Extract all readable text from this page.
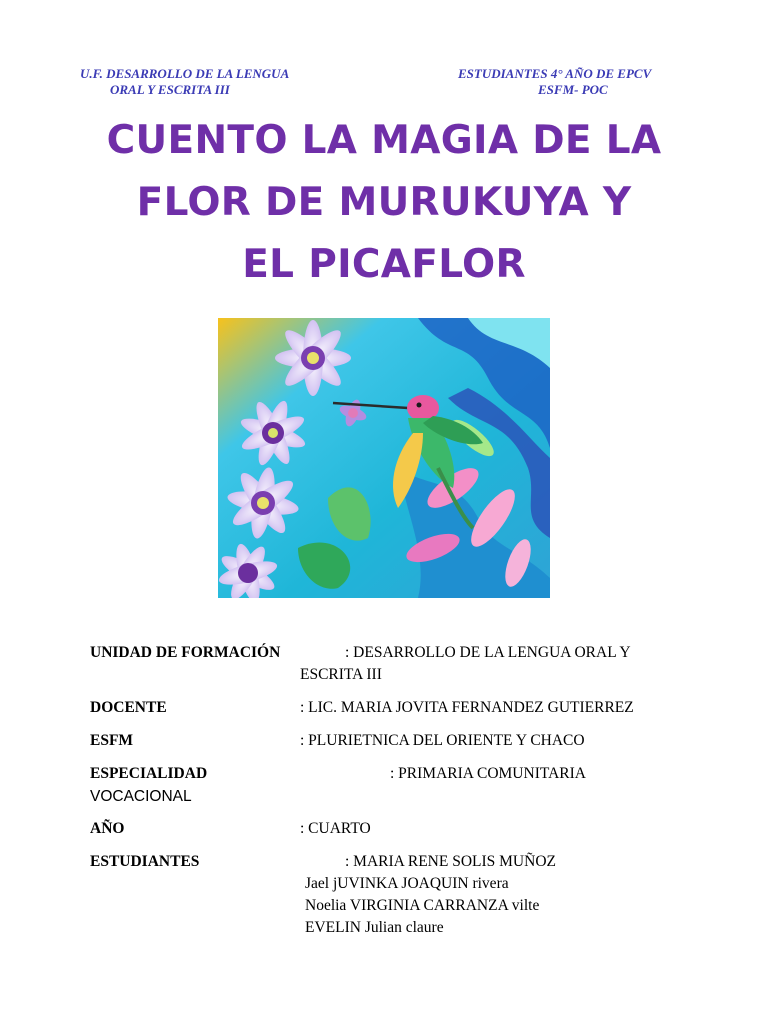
U.F. DESARROLLO DE LA LENGUA
ORAL Y ESCRITA III
ESTUDIANTES 4° AÑO DE EPCV
ESFM- POC
CUENTO LA MAGIA DE LA
FLOR DE MURUKUYA Y
EL PICAFLOR
UNIDAD DE FORMACIÓN	: DESARROLLO DE LA LENGUA ORAL Y
ESCRITA III
DOCENTE	: LIC. MARIA JOVITA FERNANDEZ GUTIERREZ
ESFM	: PLURIETNICA DEL ORIENTE Y CHACO
ESPECIALIDAD	: PRIMARIA COMUNITARIA
VOCACIONAL
AÑO	: CUARTO
ESTUDIANTES	: MARIA RENE SOLIS MUÑOZ
Jael jUVINKA JOAQUIN rivera
Noelia VIRGINIA CARRANZA vilte
EVELIN Julian claure
